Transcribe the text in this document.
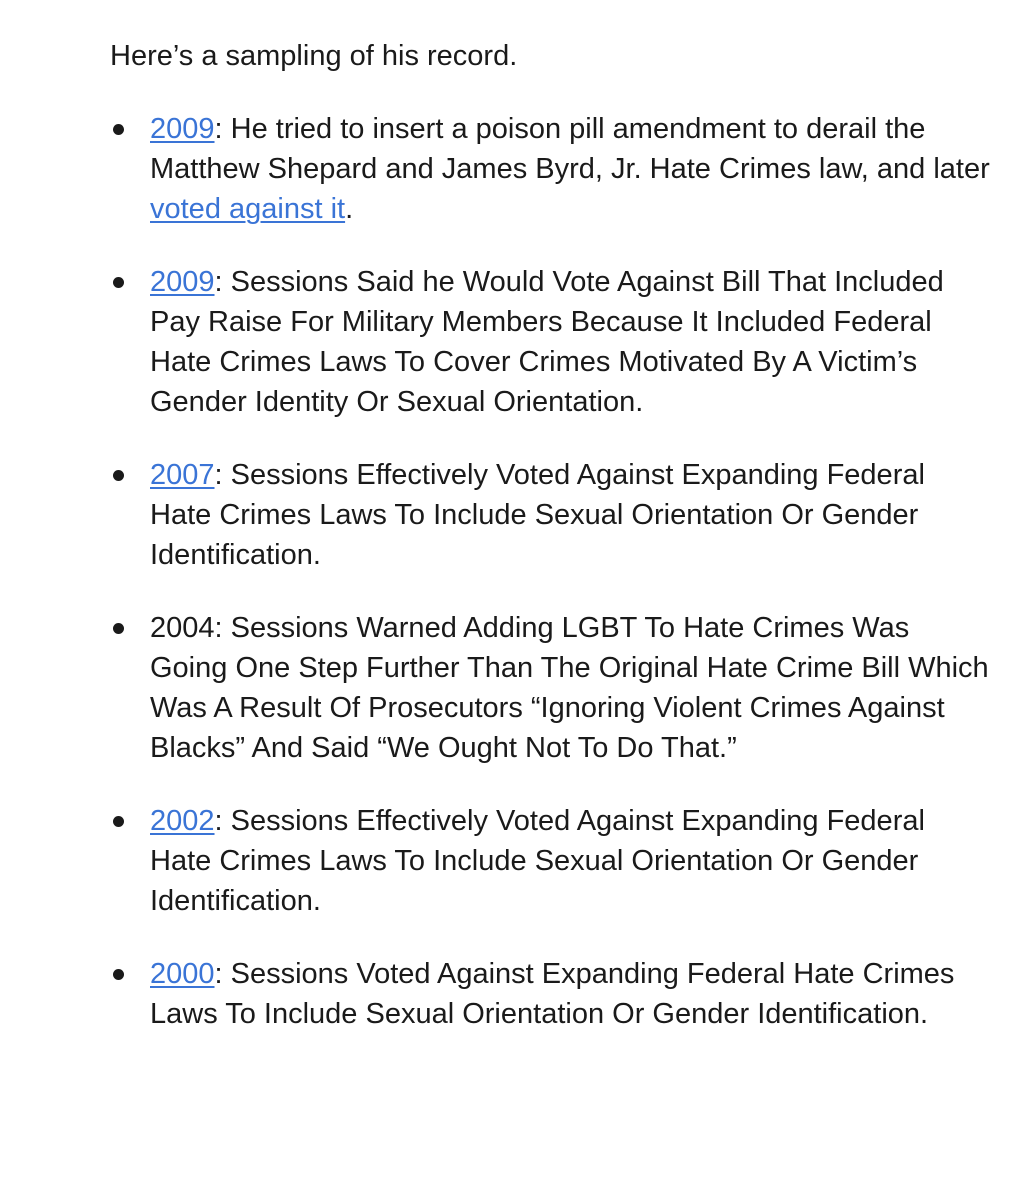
Here’s a sampling of his record.

2009: He tried to insert a poison pill amendment to derail the Matthew Shepard and James Byrd, Jr. Hate Crimes law, and later voted against it.
2009: Sessions Said he Would Vote Against Bill That Included Pay Raise For Military Members Because It Included Federal Hate Crimes Laws To Cover Crimes Motivated By A Victim’s Gender Identity Or Sexual Orientation.
2007: Sessions Effectively Voted Against Expanding Federal Hate Crimes Laws To Include Sexual Orientation Or Gender Identification.
2004: Sessions Warned Adding LGBT To Hate Crimes Was Going One Step Further Than The Original Hate Crime Bill Which Was A Result Of Prosecutors “Ignoring Violent Crimes Against Blacks” And Said “We Ought Not To Do That.”
2002: Sessions Effectively Voted Against Expanding Federal Hate Crimes Laws To Include Sexual Orientation Or Gender Identification.
2000: Sessions Voted Against Expanding Federal Hate Crimes Laws To Include Sexual Orientation Or Gender Identification.
